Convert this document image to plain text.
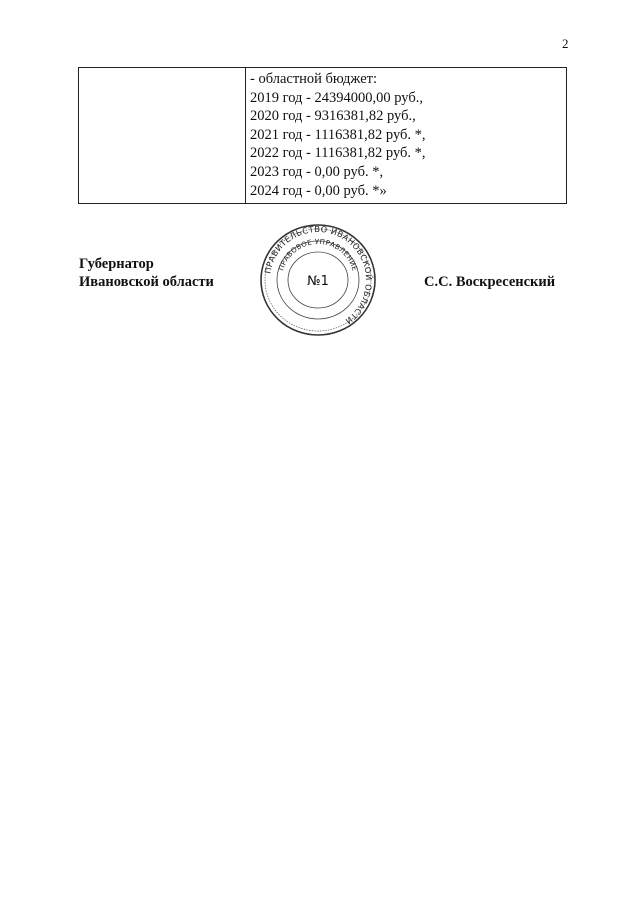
2

- областной бюджет:
2019 год - 24394000,00 руб.,
2020 год - 9316381,82 руб.,
2021 год - 1116381,82 руб. *,
2022 год - 1116381,82 руб. *,
2023 год - 0,00 руб. *,
2024 год - 0,00 руб. *»
Губернатор
Ивановской области
ПРАВИТЕЛЬСТВО ИВАНОВСКОЙ ОБЛАСТИ
ПРАВОВОЕ УПРАВЛЕНИЕ
№1	С.С. Воскресенский
